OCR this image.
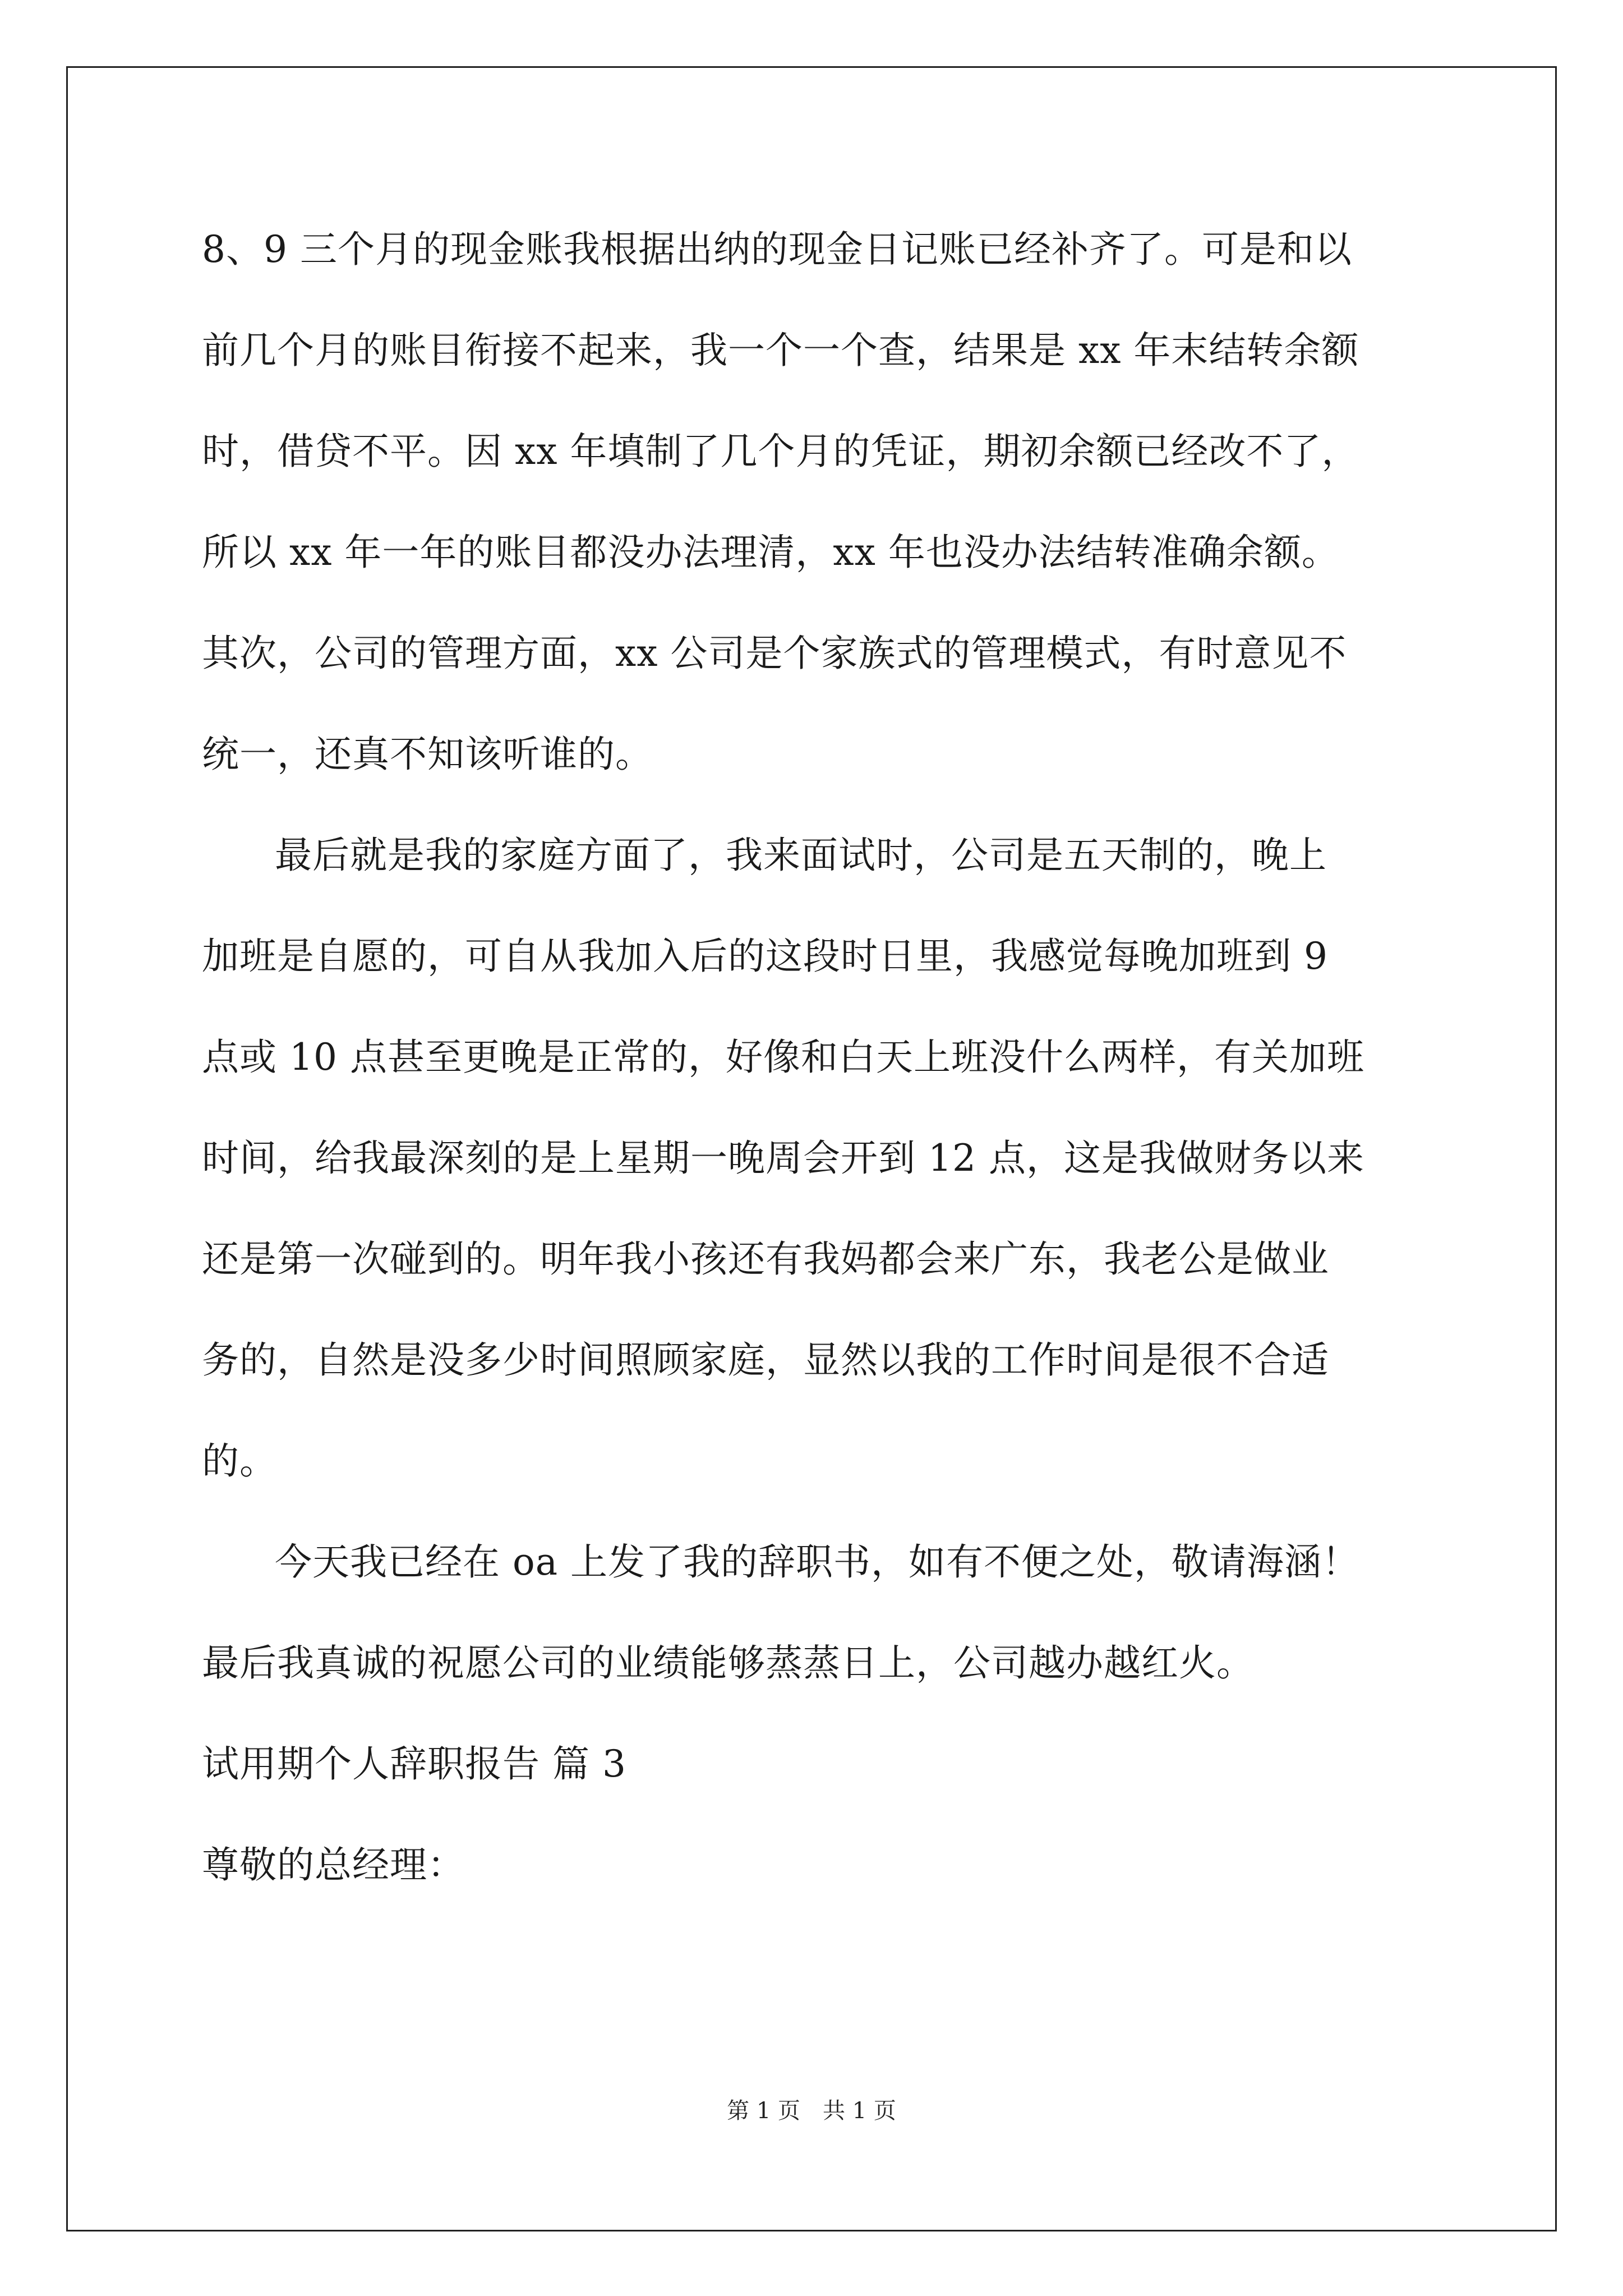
8、9 三个月的现金账我根据出纳的现金日记账已经补齐了。可是和以
前几个月的账目衔接不起来，我一个一个查，结果是 xx 年末结转余额
时，借贷不平。因 xx 年填制了几个月的凭证，期初余额已经改不了，
所以 xx 年一年的账目都没办法理清，xx 年也没办法结转准确余额。
其次，公司的管理方面，xx 公司是个家族式的管理模式，有时意见不
统一，还真不知该听谁的。
最后就是我的家庭方面了，我来面试时，公司是五天制的，晚上
加班是自愿的，可自从我加入后的这段时日里，我感觉每晚加班到 9
点或 10 点甚至更晚是正常的，好像和白天上班没什么两样，有关加班
时间，给我最深刻的是上星期一晚周会开到 12 点，这是我做财务以来
还是第一次碰到的。明年我小孩还有我妈都会来广东，我老公是做业
务的，自然是没多少时间照顾家庭，显然以我的工作时间是很不合适
的。
今天我已经在 oa 上发了我的辞职书，如有不便之处，敬请海涵！
最后我真诚的祝愿公司的业绩能够蒸蒸日上，公司越办越红火。
试用期个人辞职报告 篇 3
尊敬的总经理：
第 1 页　共 1 页
